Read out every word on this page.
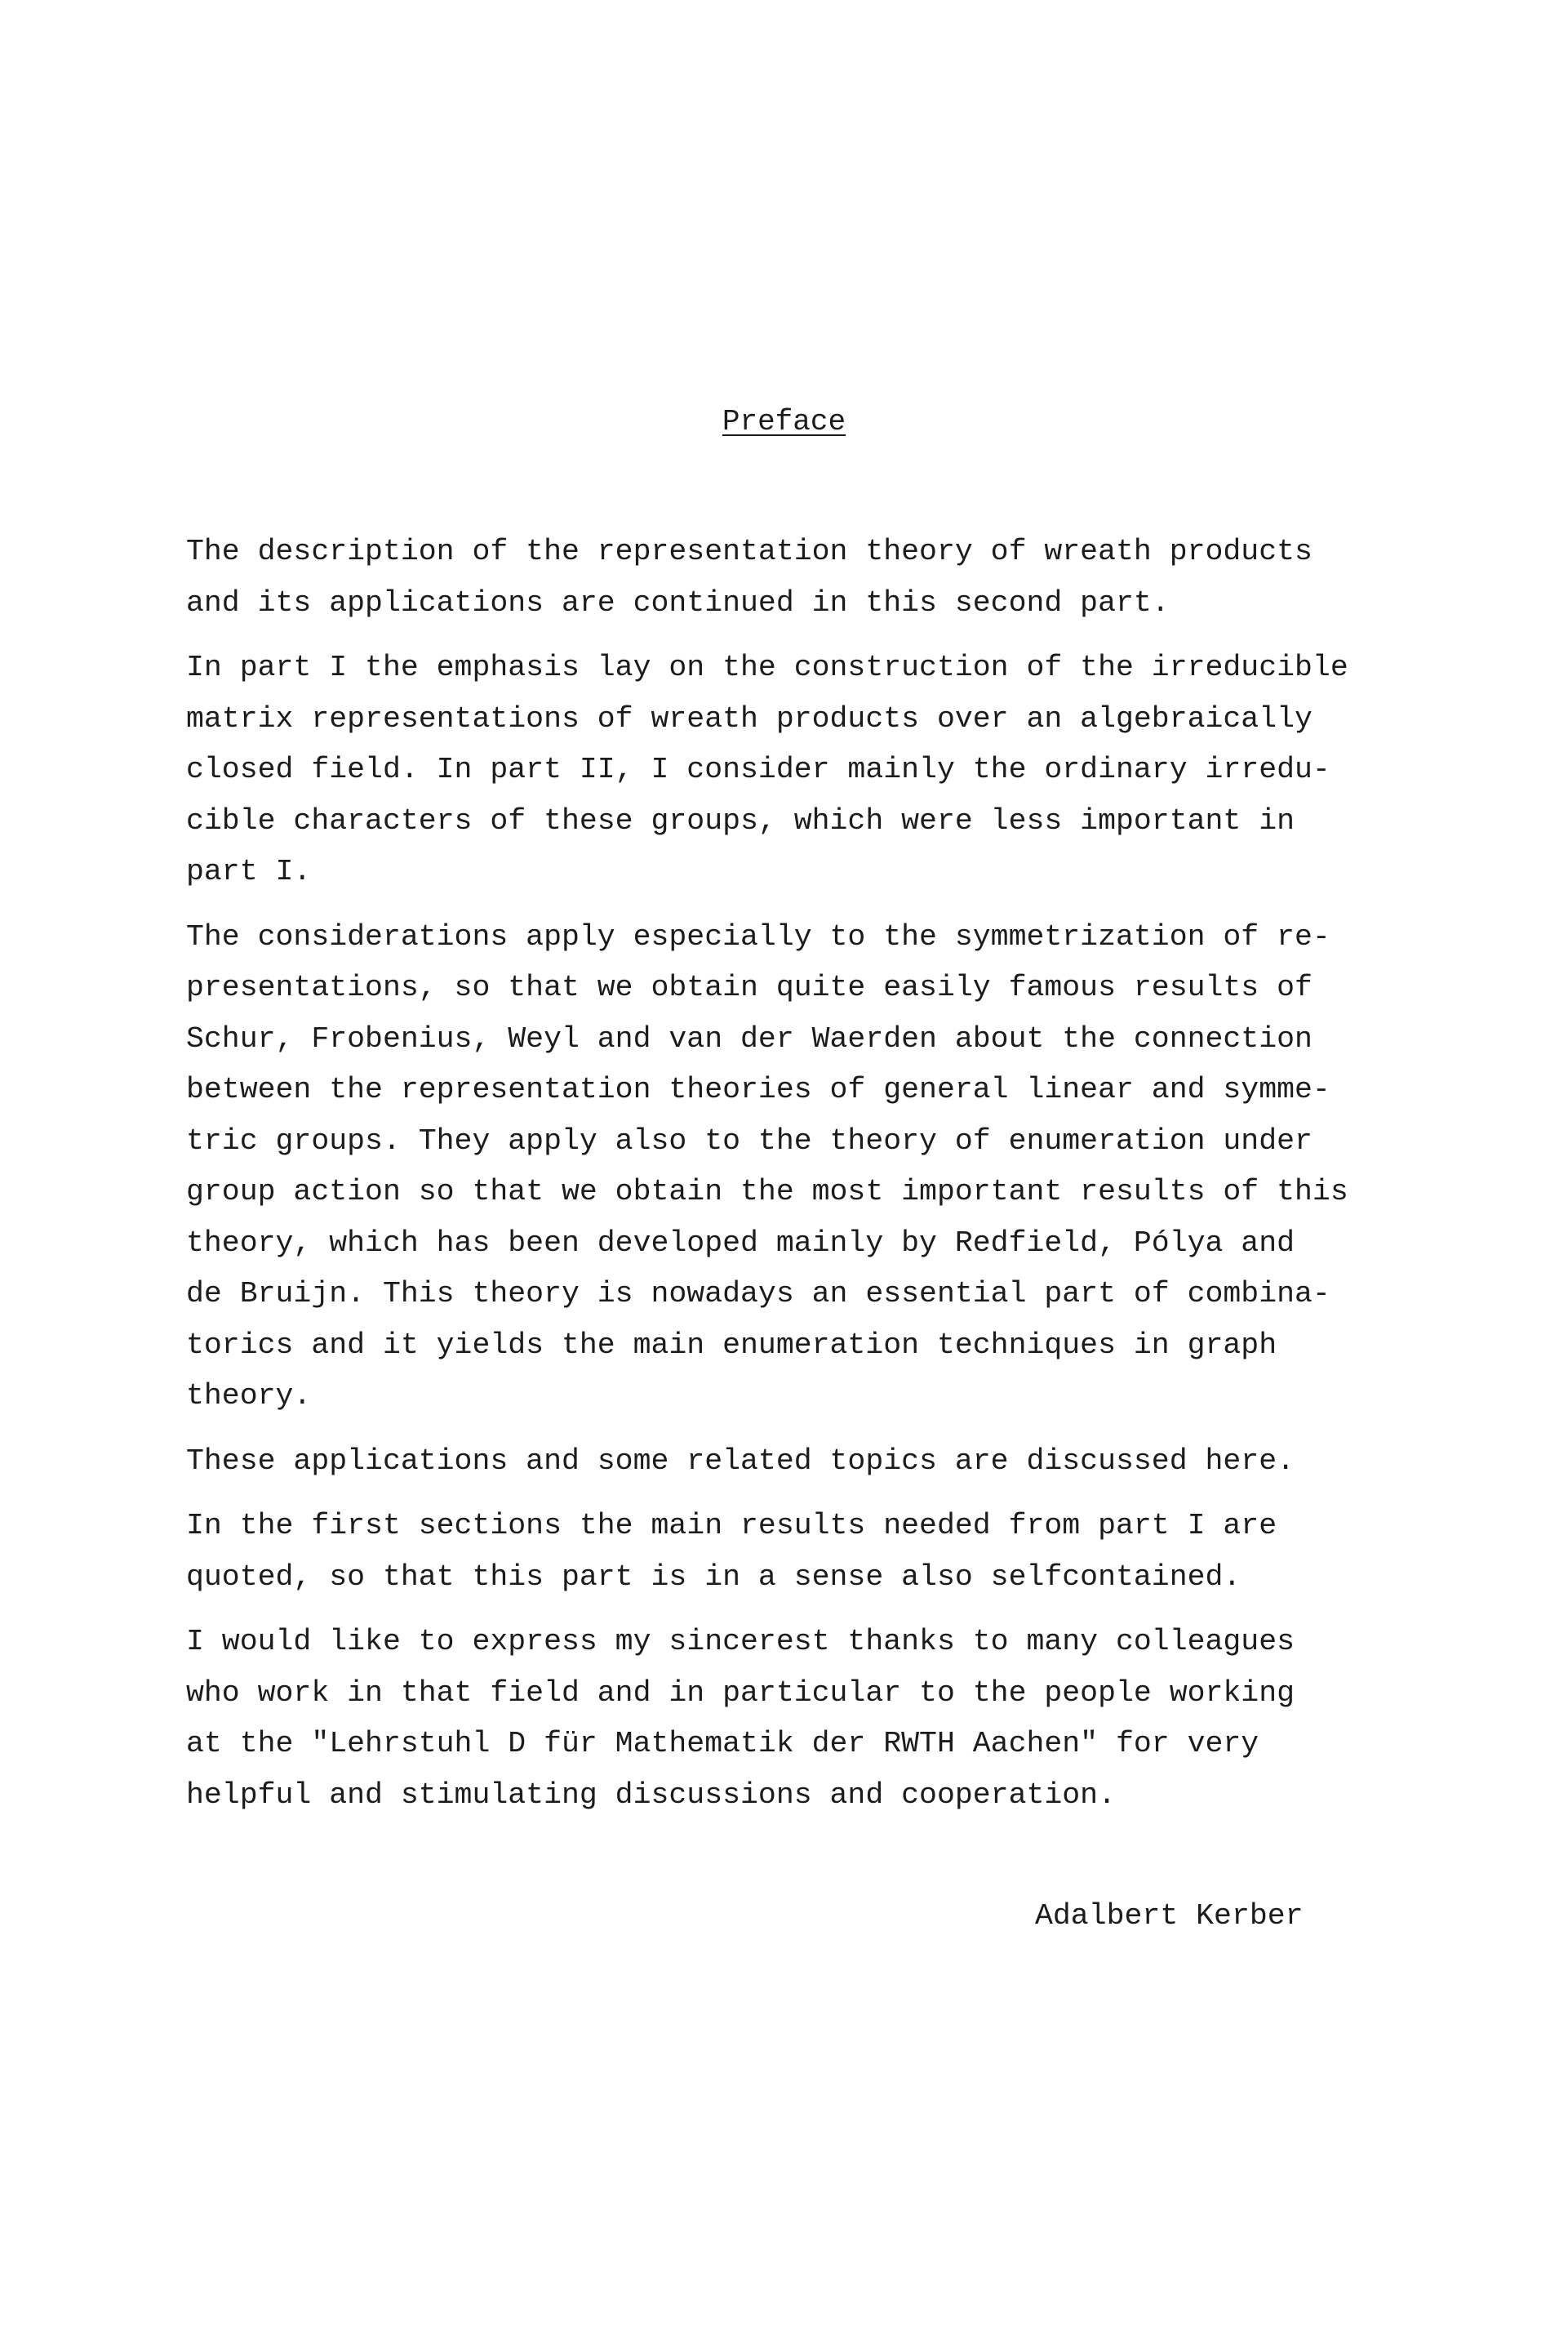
Preface

The description of the representation theory of wreath products
and its applications are continued in this second part.

In part I the emphasis lay on the construction of the irreducible
matrix representations of wreath products over an algebraically
closed field. In part II, I consider mainly the ordinary irredu-
cible characters of these groups, which were less important in
part I.

The considerations apply especially to the symmetrization of re-
presentations, so that we obtain quite easily famous results of
Schur, Frobenius, Weyl and van der Waerden about the connection
between the representation theories of general linear and symme-
tric groups. They apply also to the theory of enumeration under
group action so that we obtain the most important results of this
theory, which has been developed mainly by Redfield, Pólya and
de Bruijn. This theory is nowadays an essential part of combina-
torics and it yields the main enumeration techniques in graph
theory.

These applications and some related topics are discussed here.

In the first sections the main results needed from part I are
quoted, so that this part is in a sense also selfcontained.

I would like to express my sincerest thanks to many colleagues
who work in that field and in particular to the people working
at the "Lehrstuhl D für Mathematik der RWTH Aachen" for very
helpful and stimulating discussions and cooperation.

Adalbert Kerber
